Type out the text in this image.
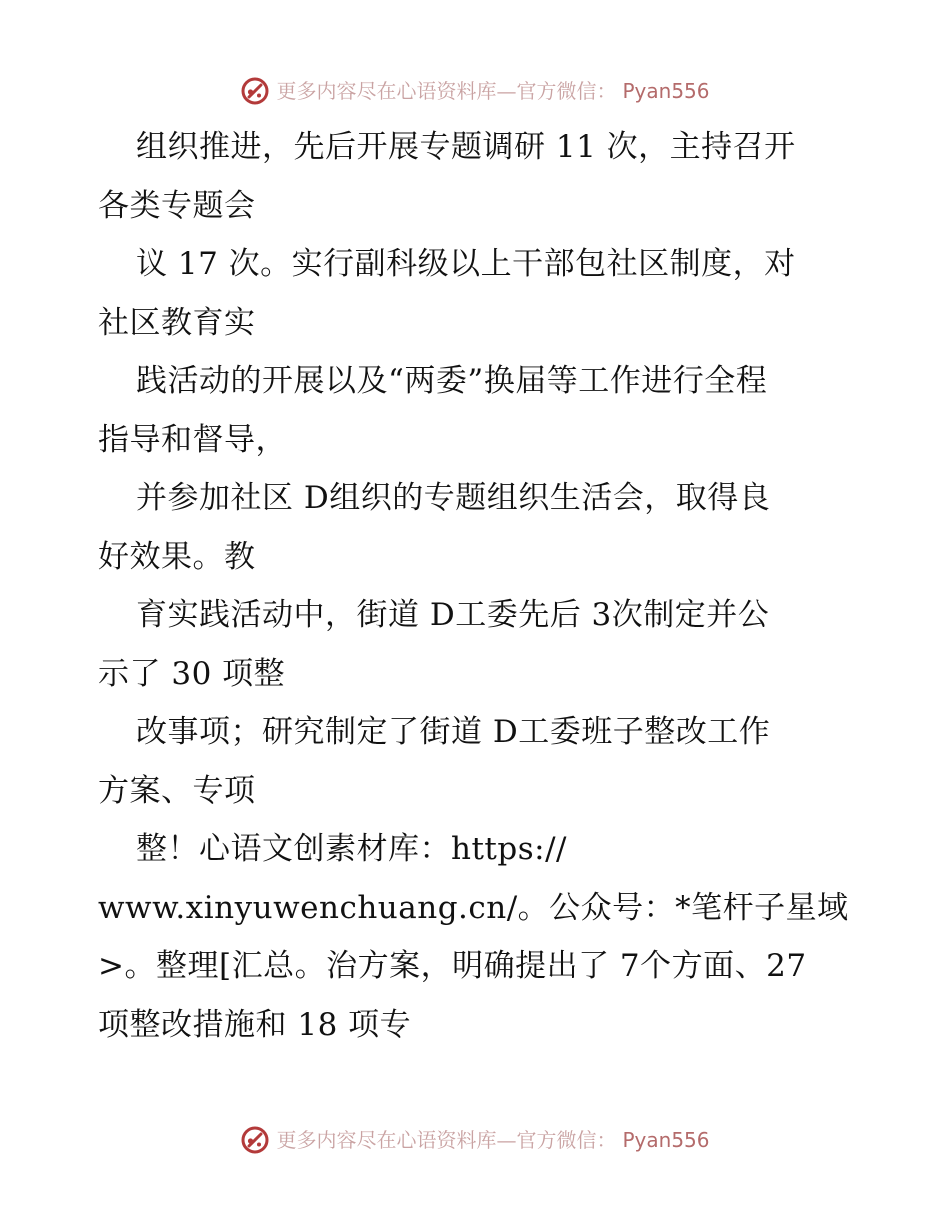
更多内容尽在心语资料库—官方微信： Pyan556
组织推进，先后开展专题调研 11 次，主持召开
各类专题会
议 17 次。实行副科级以上干部包社区制度，对
社区教育实
践活动的开展以及“两委”换届等工作进行全程
指导和督导，
并参加社区 D组织的专题组织生活会，取得良
好效果。教
育实践活动中，街道 D工委先后 3次制定并公
示了 30 项整
改事项；研究制定了街道 D工委班子整改工作
方案、专项
整！心语文创素材库：https://
www.xinyuwenchuang.cn/。公众号：*笔杆子星域
>。整理[汇总。治方案，明确提出了 7个方面、27
项整改措施和 18 项专
更多内容尽在心语资料库—官方微信： Pyan556
